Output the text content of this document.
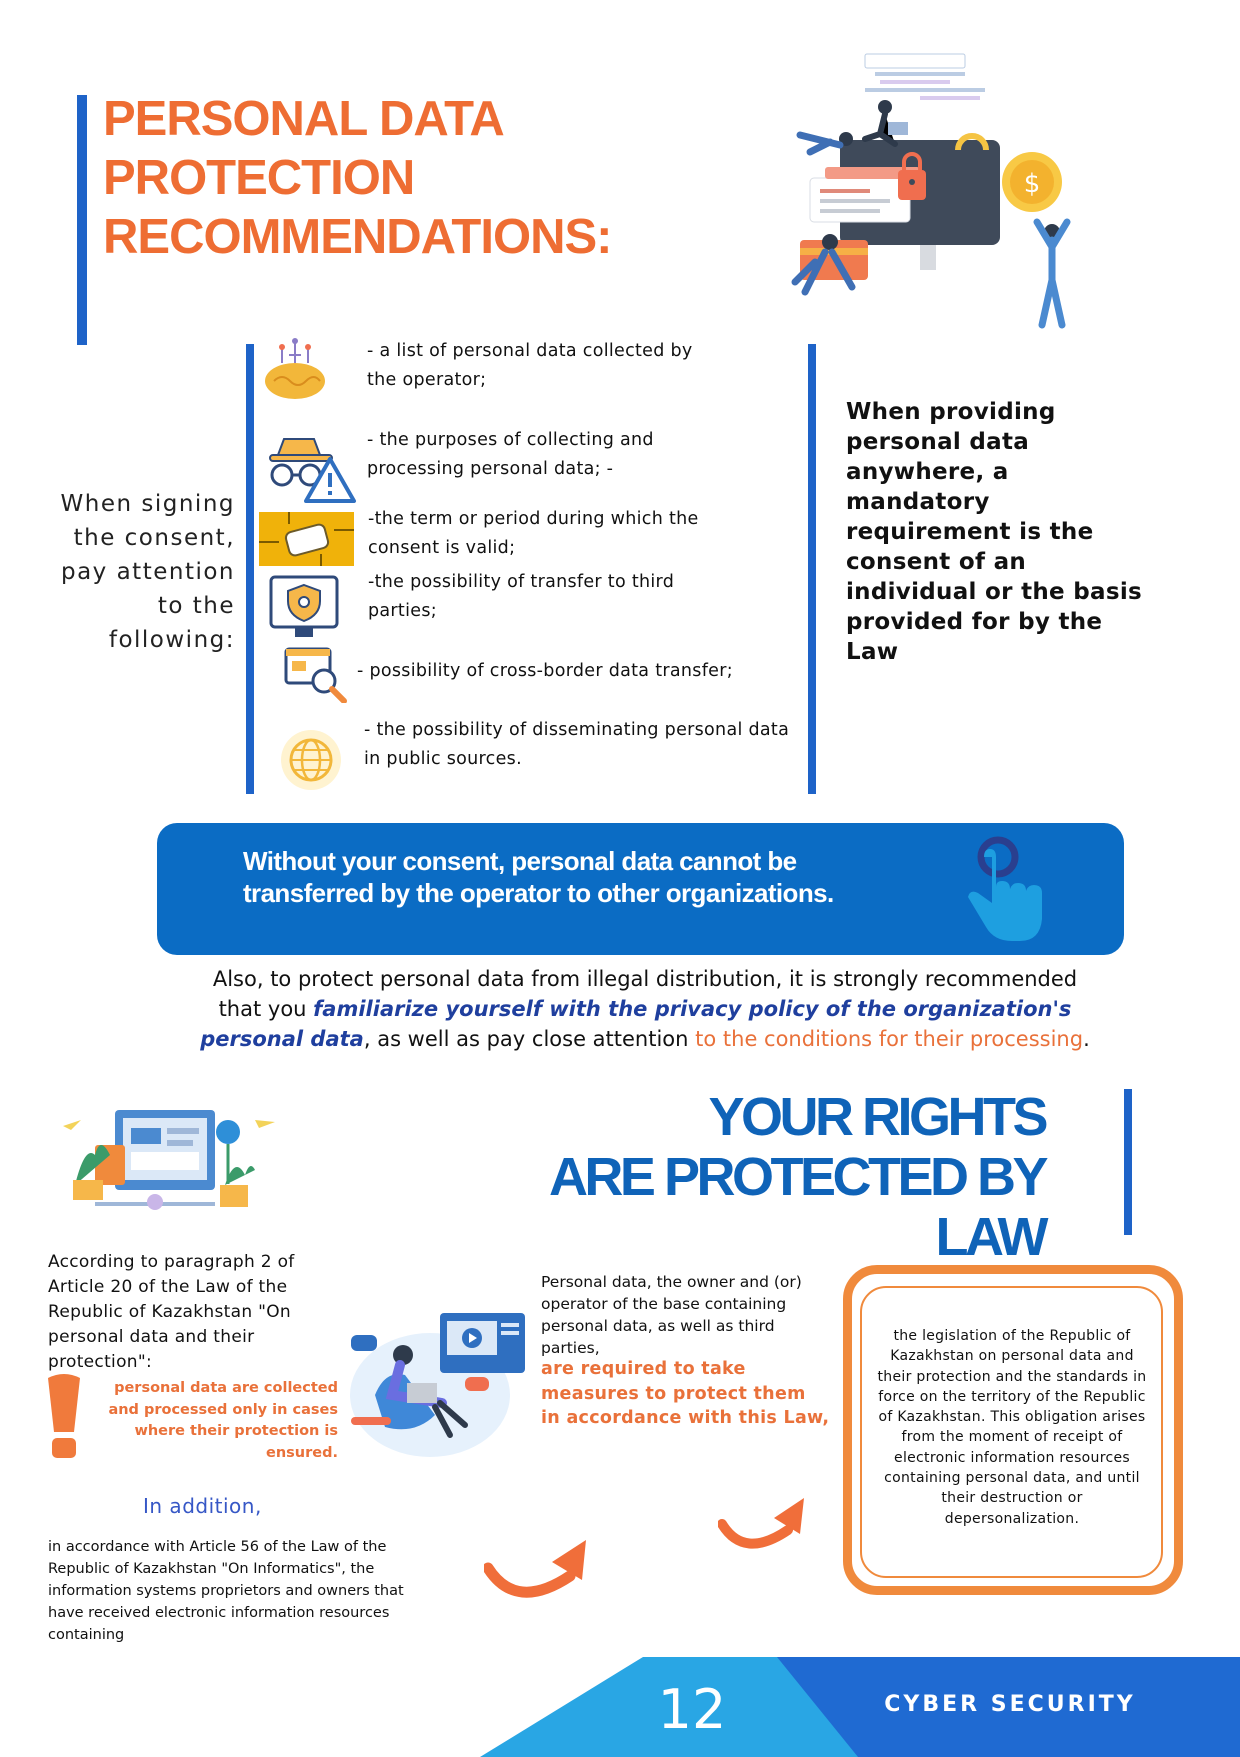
PERSONAL DATA PROTECTION RECOMMENDATIONS:
$
When signing the consent, pay attention to the following:
- a list of personal data collected by the operator;
- the purposes of collecting and processing personal data; -
-the term or period during which the consent is valid;
-the possibility of transfer to third parties;
- possibility of cross-border data transfer;
- the possibility of disseminating personal data in public sources.
When providing personal data anywhere, a mandatory requirement is the consent of an individual or the basis provided for by the Law
Without your consent, personal data cannot be transferred by the operator to other organizations.
Also, to protect personal data from illegal distribution, it is strongly recommended that you familiarize yourself with the privacy policy of the organization's personal data, as well as pay close attention to the conditions for their processing.
YOUR RIGHTS
ARE PROTECTED BY LAW
According to paragraph 2 of Article 20 of the Law of the Republic of Kazakhstan "On personal data and their protection":
personal data are collected and processed only in cases where their protection is ensured.
In addition,
in accordance with Article 56 of the Law of the Republic of Kazakhstan "On Informatics", the information systems proprietors and owners that have received electronic information resources containing
Personal data, the owner and (or) operator of the base containing personal data, as well as third parties,
are required to take measures to protect them in accordance with this Law,
the legislation of the Republic of Kazakhstan on personal data and their protection and the standards in force on the territory of the Republic of Kazakhstan. This obligation arises from the moment of receipt of electronic information resources containing personal data, and until their destruction or depersonalization.
12	CYBER SECURITY
